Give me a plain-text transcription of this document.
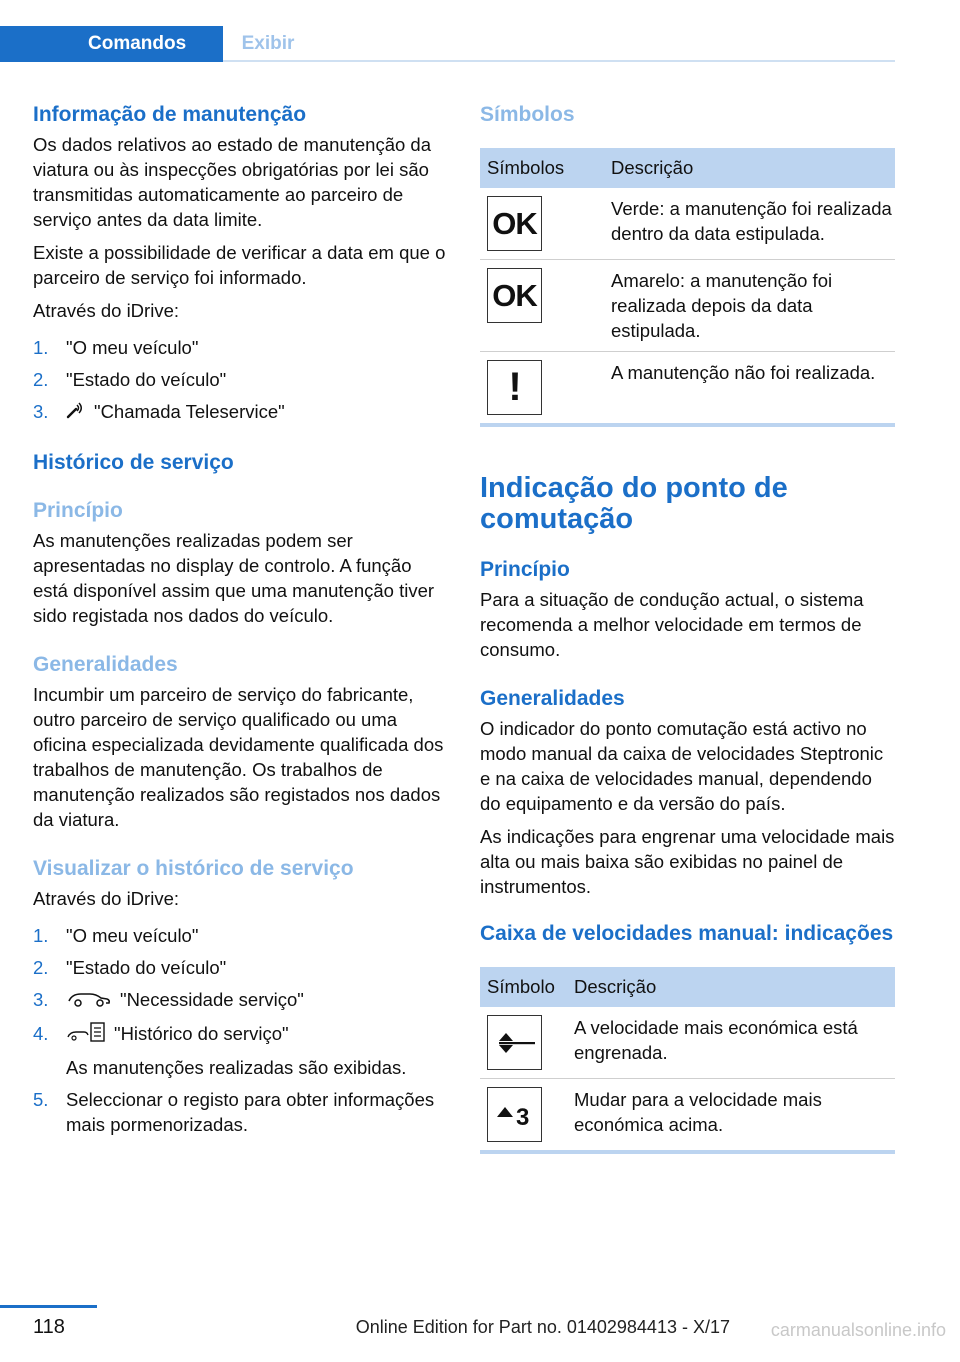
Comandos	Exibir
Informação de manutenção

Os dados relativos ao estado de manutenção da viatura ou às inspecções obrigatórias por lei são transmitidas automaticamente ao parceiro de serviço antes da data limite.

Existe a possibilidade de verificar a data em que o parceiro de serviço foi informado.

Através do iDrive:

1. "O meu veículo"
2. "Estado do veículo"
3. "Chamada Teleservice"
Histórico de serviço
Princípio

As manutenções realizadas podem ser apresentadas no display de controlo. A função está disponível assim que uma manutenção tiver sido registada nos dados do veículo.

Generalidades

Incumbir um parceiro de serviço do fabricante, outro parceiro de serviço qualificado ou uma oficina especializada devidamente qualificada dos trabalhos de manutenção. Os trabalhos de manutenção realizados são registados nos dados da viatura.

Visualizar o histórico de serviço

Através do iDrive:

1. "O meu veículo"
2. "Estado do veículo"
3.	"Necessidade serviço"
4.	"Histórico do serviço"
As manutenções realizadas são exibidas.
5. Seleccionar o registo para obter informações mais pormenorizadas.
Símbolos
Símbolos	Descrição

OK	Verde: a manutenção foi realizada dentro da data estipulada.

OK	Amarelo: a manutenção foi realizada depois da data estipulada.

!	A manutenção não foi realizada.
Indicação do ponto de comutação
Princípio

Para a situação de condução actual, o sistema recomenda a melhor velocidade em termos de consumo.

Generalidades

O indicador do ponto comutação está activo no modo manual da caixa de velocidades Steptronic e na caixa de velocidades manual, dependendo do equipamento e da versão do país.

As indicações para engrenar uma velocidade mais alta ou mais baixa são exibidas no painel de instrumentos.

Caixa de velocidades manual: indicações
Símbolo	Descrição

	A velocidade mais económica está engrenada.

3	Mudar para a velocidade mais económica acima.
118	Online Edition for Part no. 01402984413 - X/17 carmanualsonline.info
